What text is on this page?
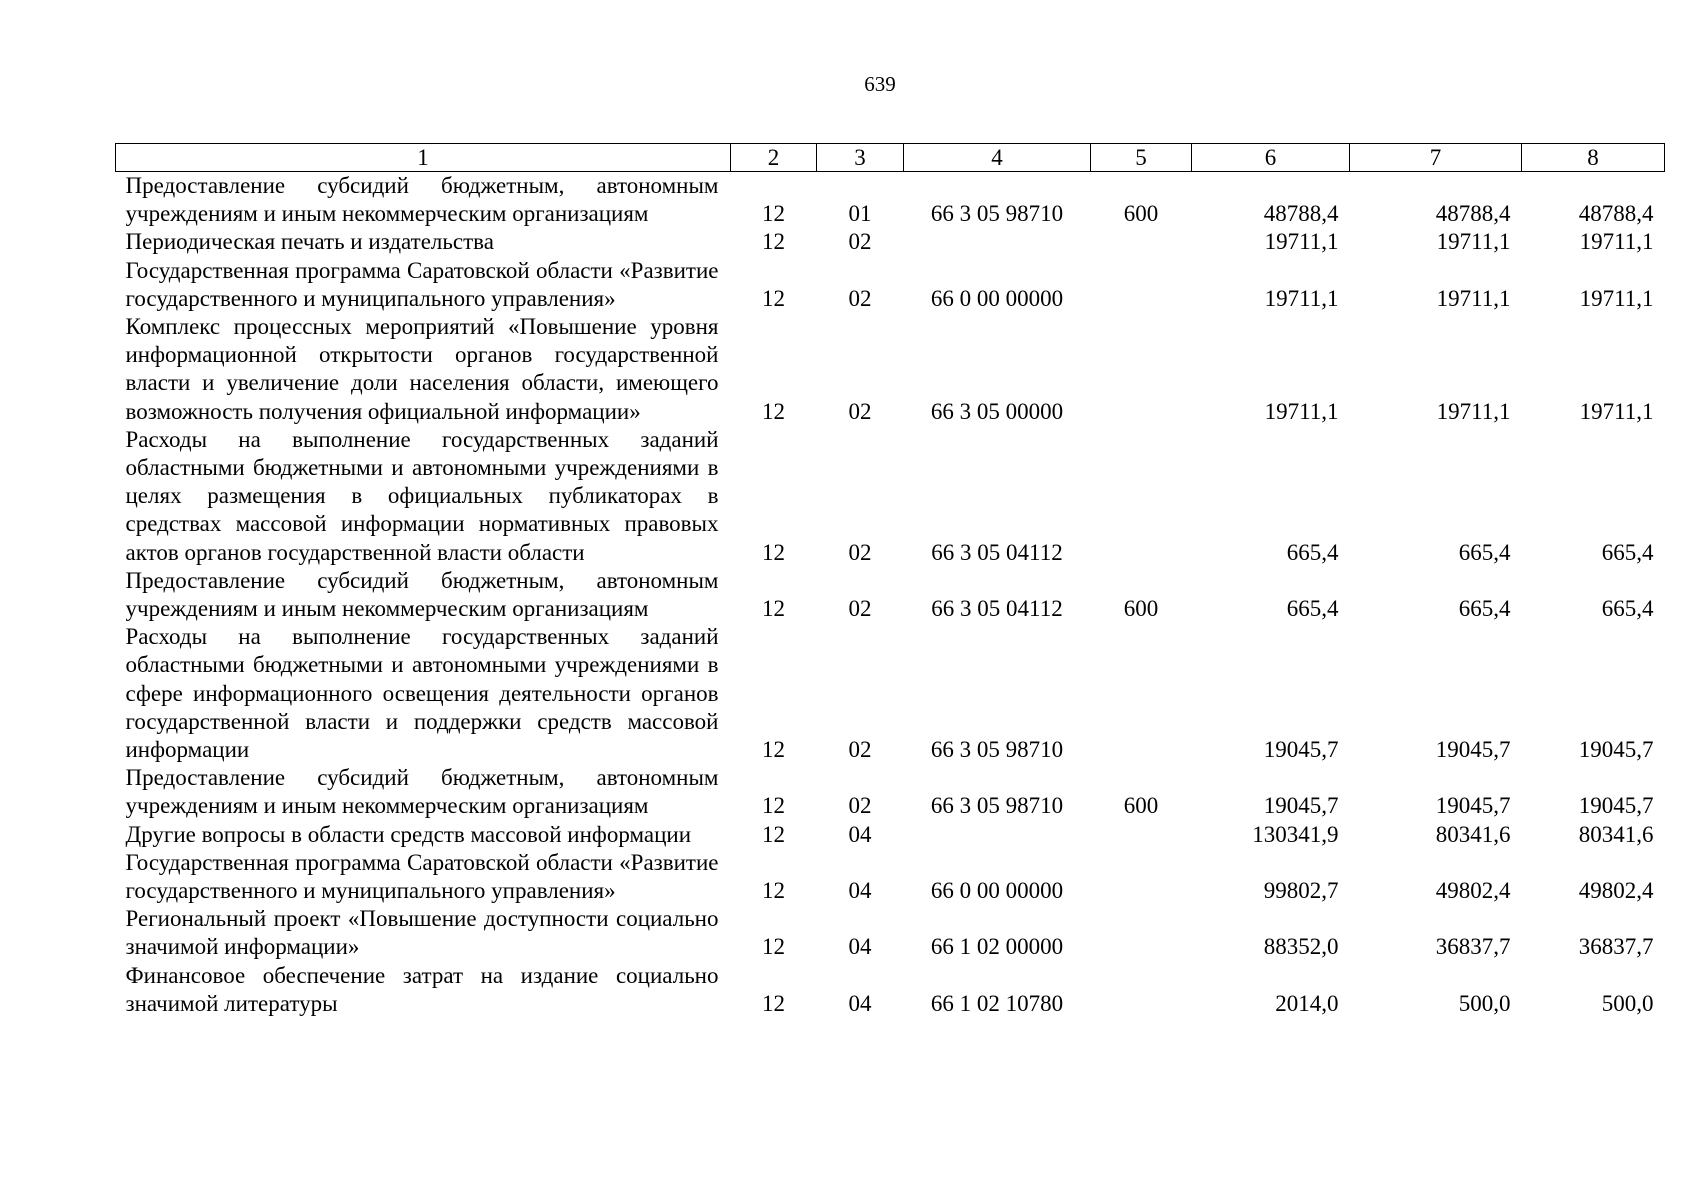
639
1	2	3	4	5	6	7	8
Предоставление субсидий бюджетным, автономным учреждениям и иным некоммерческим организациям	12	01	66 3 05 98710	600	48788,4	48788,4	48788,4
Периодическая печать и издательства	12	02			19711,1	19711,1	19711,1
Государственная программа Саратовской области «Развитие государственного и муниципального управления»	12	02	66 0 00 00000		19711,1	19711,1	19711,1
Комплекс процессных мероприятий «Повышение уровня информационной открытости органов государственной власти и увеличение доли населения области, имеющего возможность получения официальной информации»	12	02	66 3 05 00000		19711,1	19711,1	19711,1
Расходы на выполнение государственных заданий областными бюджетными и автономными учреждениями в целях размещения в официальных публикаторах в средствах массовой информации нормативных правовых актов органов государственной власти области	12	02	66 3 05 04112		665,4	665,4	665,4
Предоставление субсидий бюджетным, автономным учреждениям и иным некоммерческим организациям	12	02	66 3 05 04112	600	665,4	665,4	665,4
Расходы на выполнение государственных заданий областными бюджетными и автономными учреждениями в сфере информационного освещения деятельности органов государственной власти и поддержки средств массовой информации	12	02	66 3 05 98710		19045,7	19045,7	19045,7
Предоставление субсидий бюджетным, автономным учреждениям и иным некоммерческим организациям	12	02	66 3 05 98710	600	19045,7	19045,7	19045,7
Другие вопросы в области средств массовой информации	12	04			130341,9	80341,6	80341,6
Государственная программа Саратовской области «Развитие государственного и муниципального управления»	12	04	66 0 00 00000		99802,7	49802,4	49802,4
Региональный проект «Повышение доступности социально значимой информации»	12	04	66 1 02 00000		88352,0	36837,7	36837,7
Финансовое обеспечение затрат на издание социально значимой литературы	12	04	66 1 02 10780		2014,0	500,0	500,0
